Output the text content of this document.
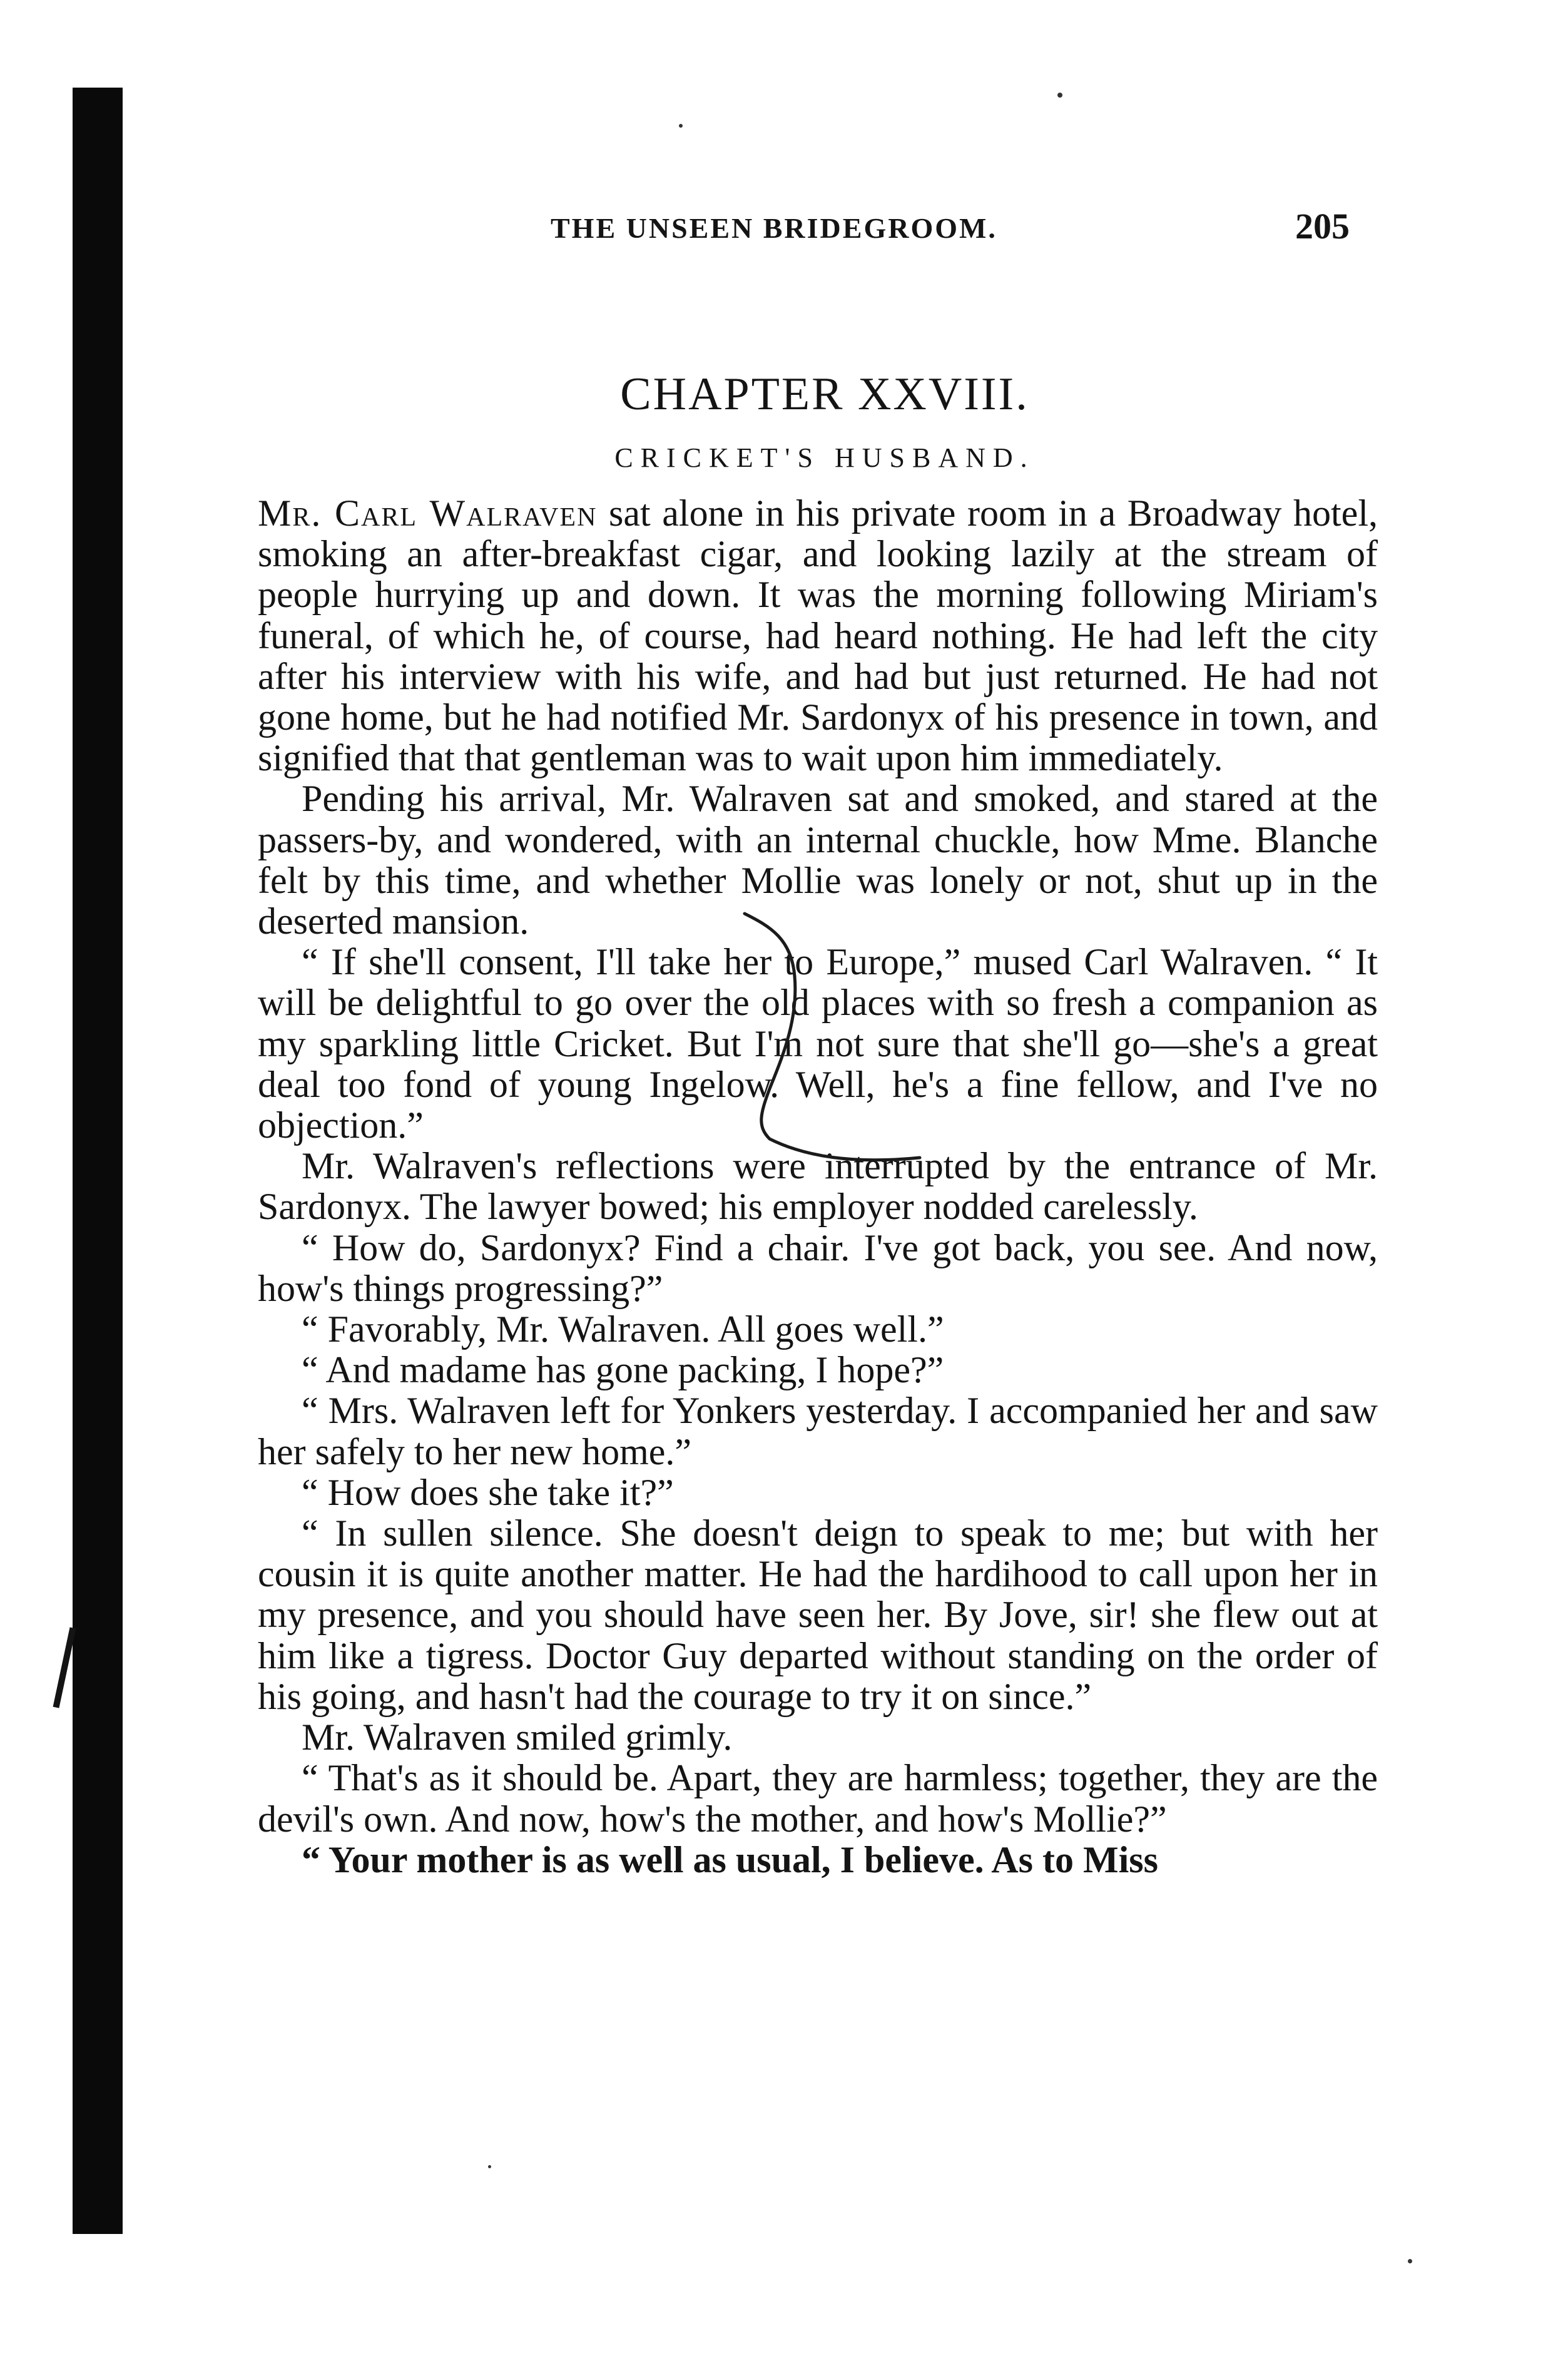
THE UNSEEN BRIDEGROOM.	205
CHAPTER XXVIII.
CRICKET'S HUSBAND.

Mr. Carl Walraven sat alone in his private room in a Broadway hotel, smoking an after-breakfast cigar, and looking lazily at the stream of people hurrying up and down. It was the morning following Miriam's funeral, of which he, of course, had heard nothing. He had left the city after his interview with his wife, and had but just returned. He had not gone home, but he had notified Mr. Sardonyx of his presence in town, and signified that that gentleman was to wait upon him immediately.

Pending his arrival, Mr. Walraven sat and smoked, and stared at the passers-by, and wondered, with an internal chuckle, how Mme. Blanche felt by this time, and whether Mollie was lonely or not, shut up in the deserted mansion.

“ If she'll consent, I'll take her to Europe,” mused Carl Walraven. “ It will be delightful to go over the old places with so fresh a companion as my sparkling little Cricket. But I'm not sure that she'll go—she's a great deal too fond of young Ingelow. Well, he's a fine fellow, and I've no objection.”

Mr. Walraven's reflections were interrupted by the entrance of Mr. Sardonyx. The lawyer bowed; his employer nodded carelessly.

“ How do, Sardonyx? Find a chair. I've got back, you see. And now, how's things progressing?”

“ Favorably, Mr. Walraven. All goes well.”

“ And madame has gone packing, I hope?”

“ Mrs. Walraven left for Yonkers yesterday. I accompanied her and saw her safely to her new home.”

“ How does she take it?”

“ In sullen silence. She doesn't deign to speak to me; but with her cousin it is quite another matter. He had the hardihood to call upon her in my presence, and you should have seen her. By Jove, sir! she flew out at him like a tigress. Doctor Guy departed without standing on the order of his going, and hasn't had the courage to try it on since.”

Mr. Walraven smiled grimly.

“ That's as it should be. Apart, they are harmless; together, they are the devil's own. And now, how's the mother, and how's Mollie?”

“ Your mother is as well as usual, I believe. As to Miss
